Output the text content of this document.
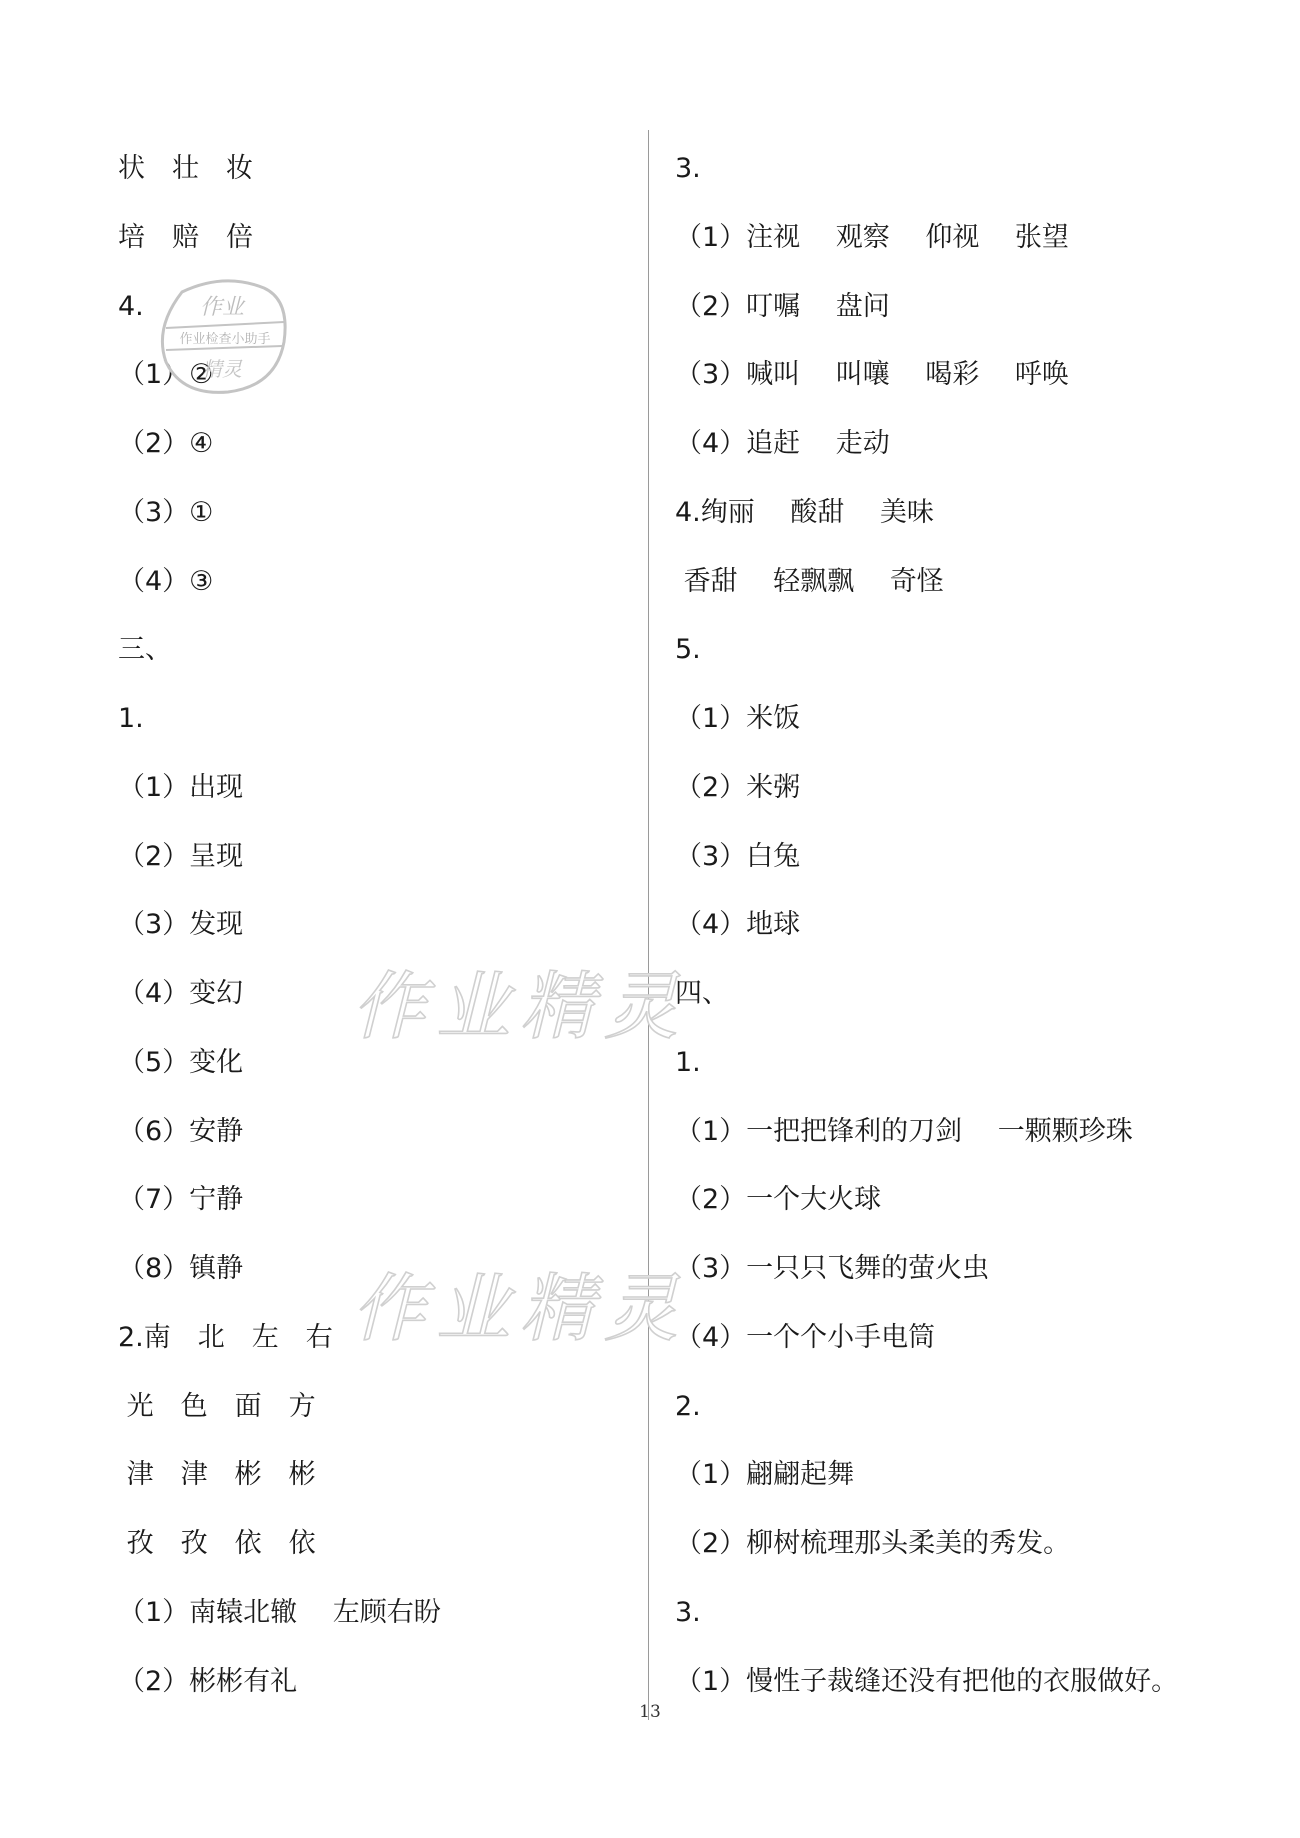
状　壮　妆
培　赔　倍
4.
（1）②
（2）④
（3）①
（4）③
三、
1.
（1）出现
（2）呈现
（3）发现
（4）变幻
（5）变化
（6）安静
（7）宁静
（8）镇静
2.南　北　左　右
光　色　面　方
津　津　彬　彬
孜　孜　依　依
（1）南辕北辙　 左顾右盼
（2）彬彬有礼
3.
（1）注视　 观察　 仰视　 张望
（2）叮嘱　 盘问
（3）喊叫　 叫嚷　 喝彩　 呼唤
（4）追赶　 走动
4.绚丽　 酸甜　 美味
香甜　 轻飘飘　 奇怪
5.
（1）米饭
（2）米粥
（3）白兔
（4）地球
四、
1.
（1）一把把锋利的刀剑　 一颗颗珍珠
（2）一个大火球
（3）一只只飞舞的萤火虫
（4）一个个小手电筒
2.
（1）翩翩起舞
（2）柳树梳理那头柔美的秀发。
3.
（1）慢性子裁缝还没有把他的衣服做好。
作业
作业检查小助手
精灵
作业精灵
作业精灵
13
